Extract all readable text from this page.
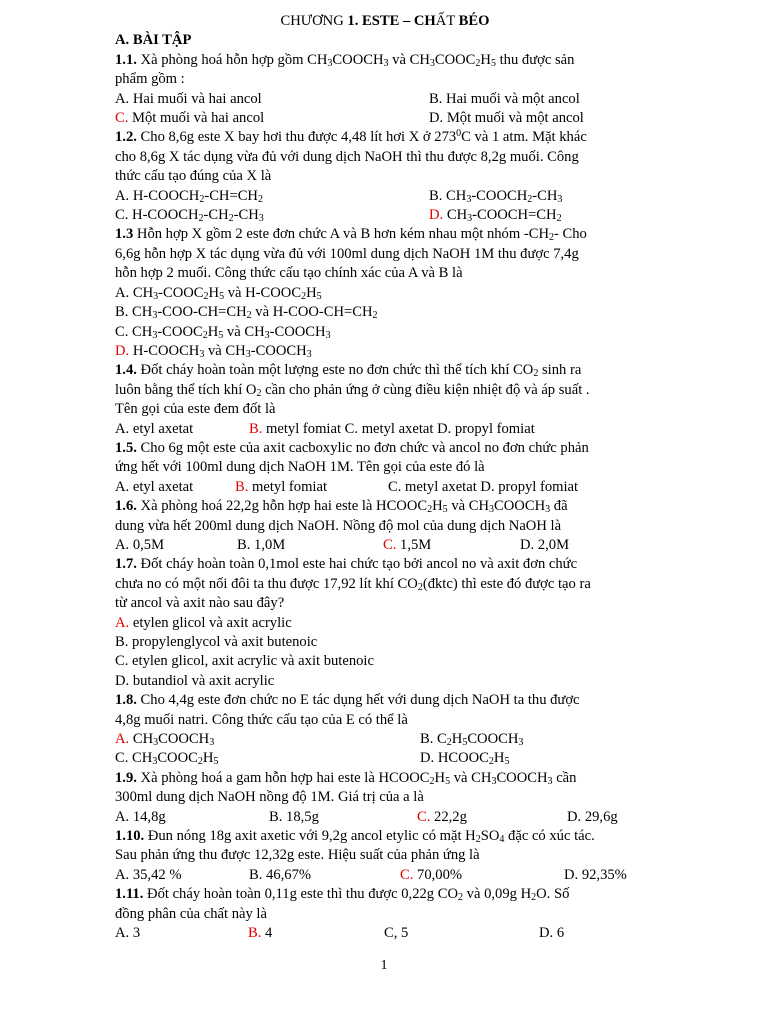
CHƯƠNG 1. ESTE – CHẤT BÉO
A. BÀI TẬP
1.1. Xà phòng hoá hỗn hợp gồm $CH_3COOCH_3$ và $CH_3COOC_2H_5$ thu được sản
phẩm gồm :
A. Hai muối và hai ancol	B. Hai muối và một ancol
C. Một muối và hai ancol	D. Một muối và một ancol
1.2. Cho 8,6g este X bay hơi thu được 4,48 lít hơi X ở $273^0C$ và 1 atm. Mặt khác
cho 8,6g X tác dụng vừa đủ với dung dịch NaOH thì thu được 8,2g muối. Công
thức cấu tạo đúng của X là
A. $H-COOCH_2-CH=CH_2$	B. $CH_3-COOCH_2-CH_3$
C. $H-COOCH_2-CH_2-CH_3$	D. $CH_3-COOCH=CH_2$
1.3 Hỗn hợp X gồm 2 este đơn chức A và B hơn kém nhau một nhóm $-CH_2-$ Cho
6,6g hỗn hợp X tác dụng vừa đủ với 100ml dung dịch NaOH 1M thu được 7,4g
hỗn hợp 2 muối. Công thức cấu tạo chính xác của A và B là
A. $CH_3-COOC_2H_5$ và $H-COOC_2H_5$
B. $CH_3-COO-CH=CH_2$ và $H-COO-CH=CH_2$
C. $CH_3-COOC_2H_5$ và $CH_3-COOCH_3$
D. $H-COOCH_3$ và $CH_3-COOCH_3$
1.4. Đốt cháy hoàn toàn một lượng este no đơn chức thì thể tích khí $CO_2$ sinh ra
luôn bằng thể tích khí $O_2$ cần cho phản ứng ở cùng điều kiện nhiệt độ và áp suất .
Tên gọi của este đem đốt là
A. etyl axetat	B. metyl fomiat C. metyl axetat D. propyl fomiat
1.5. Cho 6g một este của axit cacboxylic no đơn chức và ancol no đơn chức phản
ứng hết với 100ml dung dịch NaOH 1M. Tên gọi của este đó là
A. etyl axetat	B. metyl fomiat	C. metyl axetat D. propyl fomiat
1.6. Xà phòng hoá 22,2g hỗn hợp hai este là $HCOOC_2H_5$ và $CH_3COOCH_3$ đã
dung vừa hết 200ml dung dịch NaOH. Nồng độ mol của dung dịch NaOH là
A. 0,5M	B. 1,0M	C. 1,5M	D. 2,0M
1.7. Đốt cháy hoàn toàn 0,1mol este hai chức tạo bởi ancol no và axit đơn chức
chưa no có một nối đôi ta thu được 17,92 lít khí $CO_2(đktc)$ thì este đó được tạo ra
từ ancol và axit nào sau đây?
A. etylen glicol và axit acrylic
B. propylenglycol và axit butenoic
C. etylen glicol, axit acrylic và axit butenoic
D. butandiol và axit acrylic
1.8. Cho 4,4g este đơn chức no E tác dụng hết với dung dịch NaOH ta thu được
4,8g muối natri. Công thức cấu tạo của E có thể là
A. $CH_3COOCH_3$	B. $C_2H_5COOCH_3$
C. $CH_3COOC_2H_5$	D. $HCOOC_2H_5$
1.9. Xà phòng hoá a gam hỗn hợp hai este là $HCOOC_2H_5$ và $CH_3COOCH_3$ cần
300ml dung dịch NaOH nồng độ 1M. Giá trị của a là
A. 14,8g	B. 18,5g	C. 22,2g	D. 29,6g
1.10. Đun nóng 18g axit axetic với 9,2g ancol etylic có mặt $H_2SO_4$ đặc có xúc tác.
Sau phản ứng thu được 12,32g este. Hiệu suất của phản ứng là
A. 35,42 %	B. 46,67%	C. 70,00%	D. 92,35%
1.11. Đốt cháy hoàn toàn 0,11g este thì thu được 0,22g $CO_2$ và 0,09g $H_2O$. Số
đồng phân của chất này là
A. 3	B. 4	C, 5	D. 6
1
